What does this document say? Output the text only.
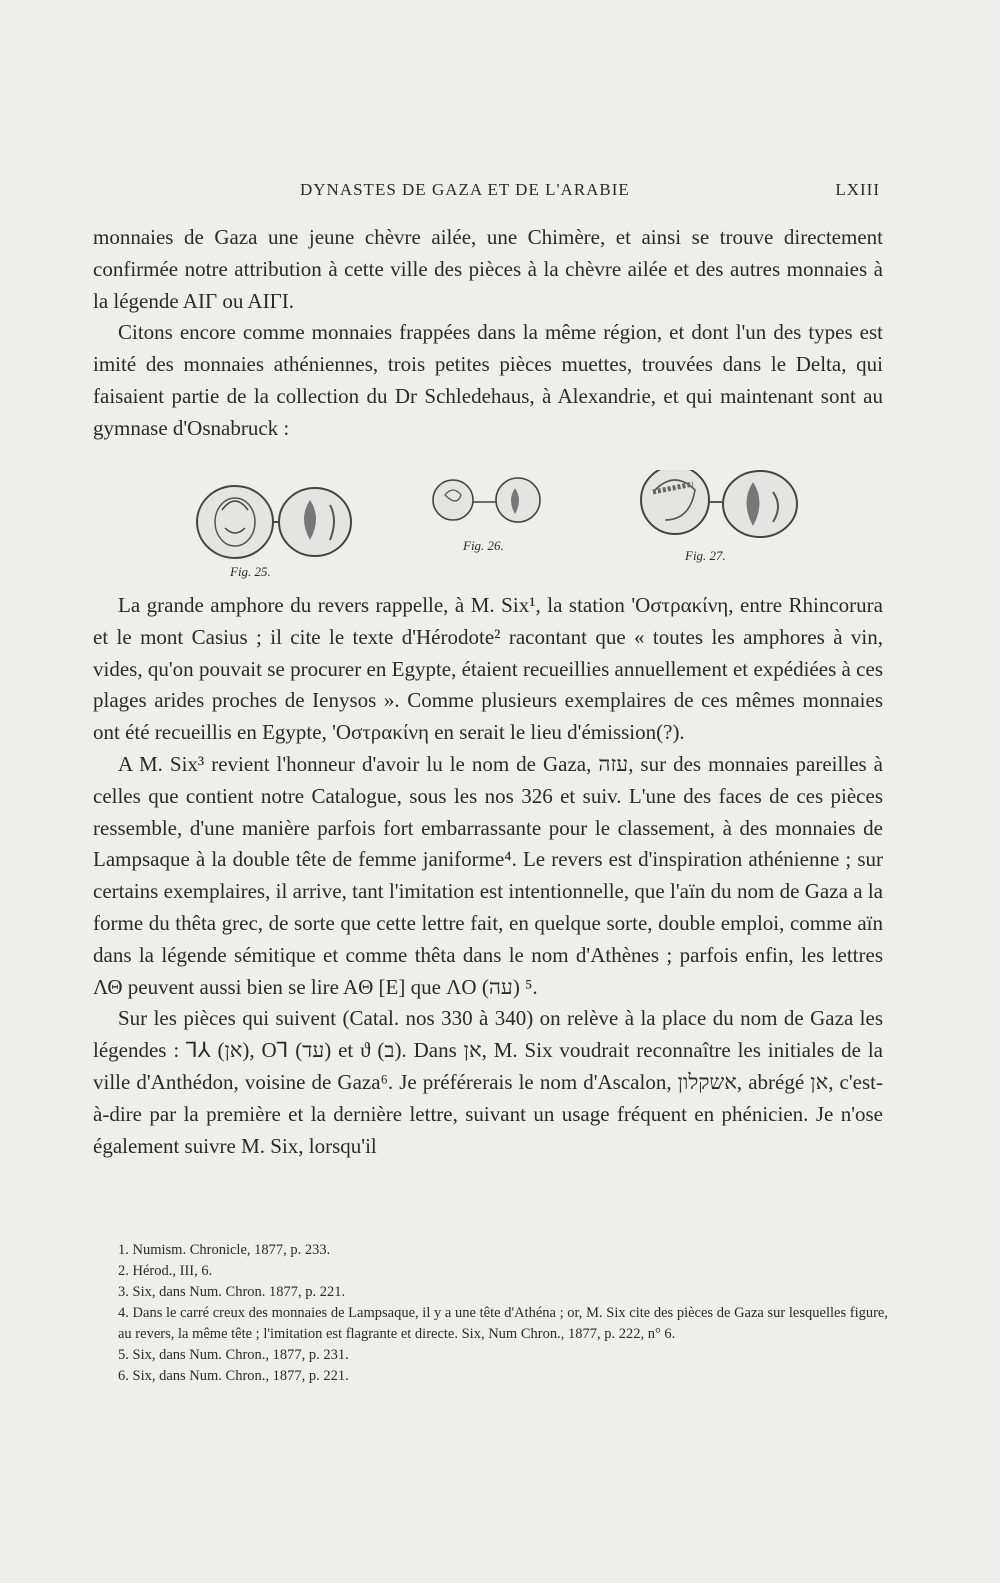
DYNASTES DE GAZA ET DE L'ARABIE	LXIII

monnaies de Gaza une jeune chèvre ailée, une Chimère, et ainsi se trouve directement confirmée notre attribution à cette ville des pièces à la chèvre ailée et des autres monnaies à la légende AIΓ ou AIΓI.

Citons encore comme monnaies frappées dans la même région, et dont l'un des types est imité des monnaies athéniennes, trois petites pièces muettes, trouvées dans le Delta, qui faisaient partie de la collection du Dr Schledehaus, à Alexandrie, et qui maintenant sont au gymnase d'Osnabruck :

Fig. 25.
Fig. 26.
Fig. 27.

La grande amphore du revers rappelle, à M. Six¹, la station 'Οστρακίνη, entre Rhincorura et le mont Casius ; il cite le texte d'Hérodote² racontant que « toutes les amphores à vin, vides, qu'on pouvait se procurer en Egypte, étaient recueillies annuellement et expédiées à ces plages arides proches de Ienysos ». Comme plusieurs exemplaires de ces mêmes monnaies ont été recueillis en Egypte, 'Οστρακίνη en serait le lieu d'émission(?).

A M. Six³ revient l'honneur d'avoir lu le nom de Gaza, עזה, sur des monnaies pareilles à celles que contient notre Catalogue, sous les nos 326 et suiv. L'une des faces de ces pièces ressemble, d'une manière parfois fort embarrassante pour le classement, à des monnaies de Lampsaque à la double tête de femme janiforme⁴. Le revers est d'inspiration athénienne ; sur certains exemplaires, il arrive, tant l'imitation est intentionnelle, que l'aïn du nom de Gaza a la forme du thêta grec, de sorte que cette lettre fait, en quelque sorte, double emploi, comme aïn dans la légende sémitique et comme thêta dans le nom d'Athènes ; parfois enfin, les lettres ΛΘ peuvent aussi bien se lire AΘ [E] que ΛO (עה) ⁵.

Sur les pièces qui suivent (Catal. nos 330 à 340) on relève à la place du nom de Gaza les légendes : ⅂⅄ (אן), O⅂ (עד) et ϑ (ב). Dans אן, M. Six voudrait reconnaître les initiales de la ville d'Anthédon, voisine de Gaza⁶. Je préférerais le nom d'Ascalon, אשקלון, abrégé אן, c'est-à-dire par la première et la dernière lettre, suivant un usage fréquent en phénicien. Je n'ose également suivre M. Six, lorsqu'il

1. Numism. Chronicle, 1877, p. 233.
2. Hérod., III, 6.
3. Six, dans Num. Chron. 1877, p. 221.
4. Dans le carré creux des monnaies de Lampsaque, il y a une tête d'Athéna ; or, M. Six cite des pièces de Gaza sur lesquelles figure, au revers, la même tête ; l'imitation est flagrante et directe. Six, Num Chron., 1877, p. 222, n° 6.
5. Six, dans Num. Chron., 1877, p. 231.
6. Six, dans Num. Chron., 1877, p. 221.
